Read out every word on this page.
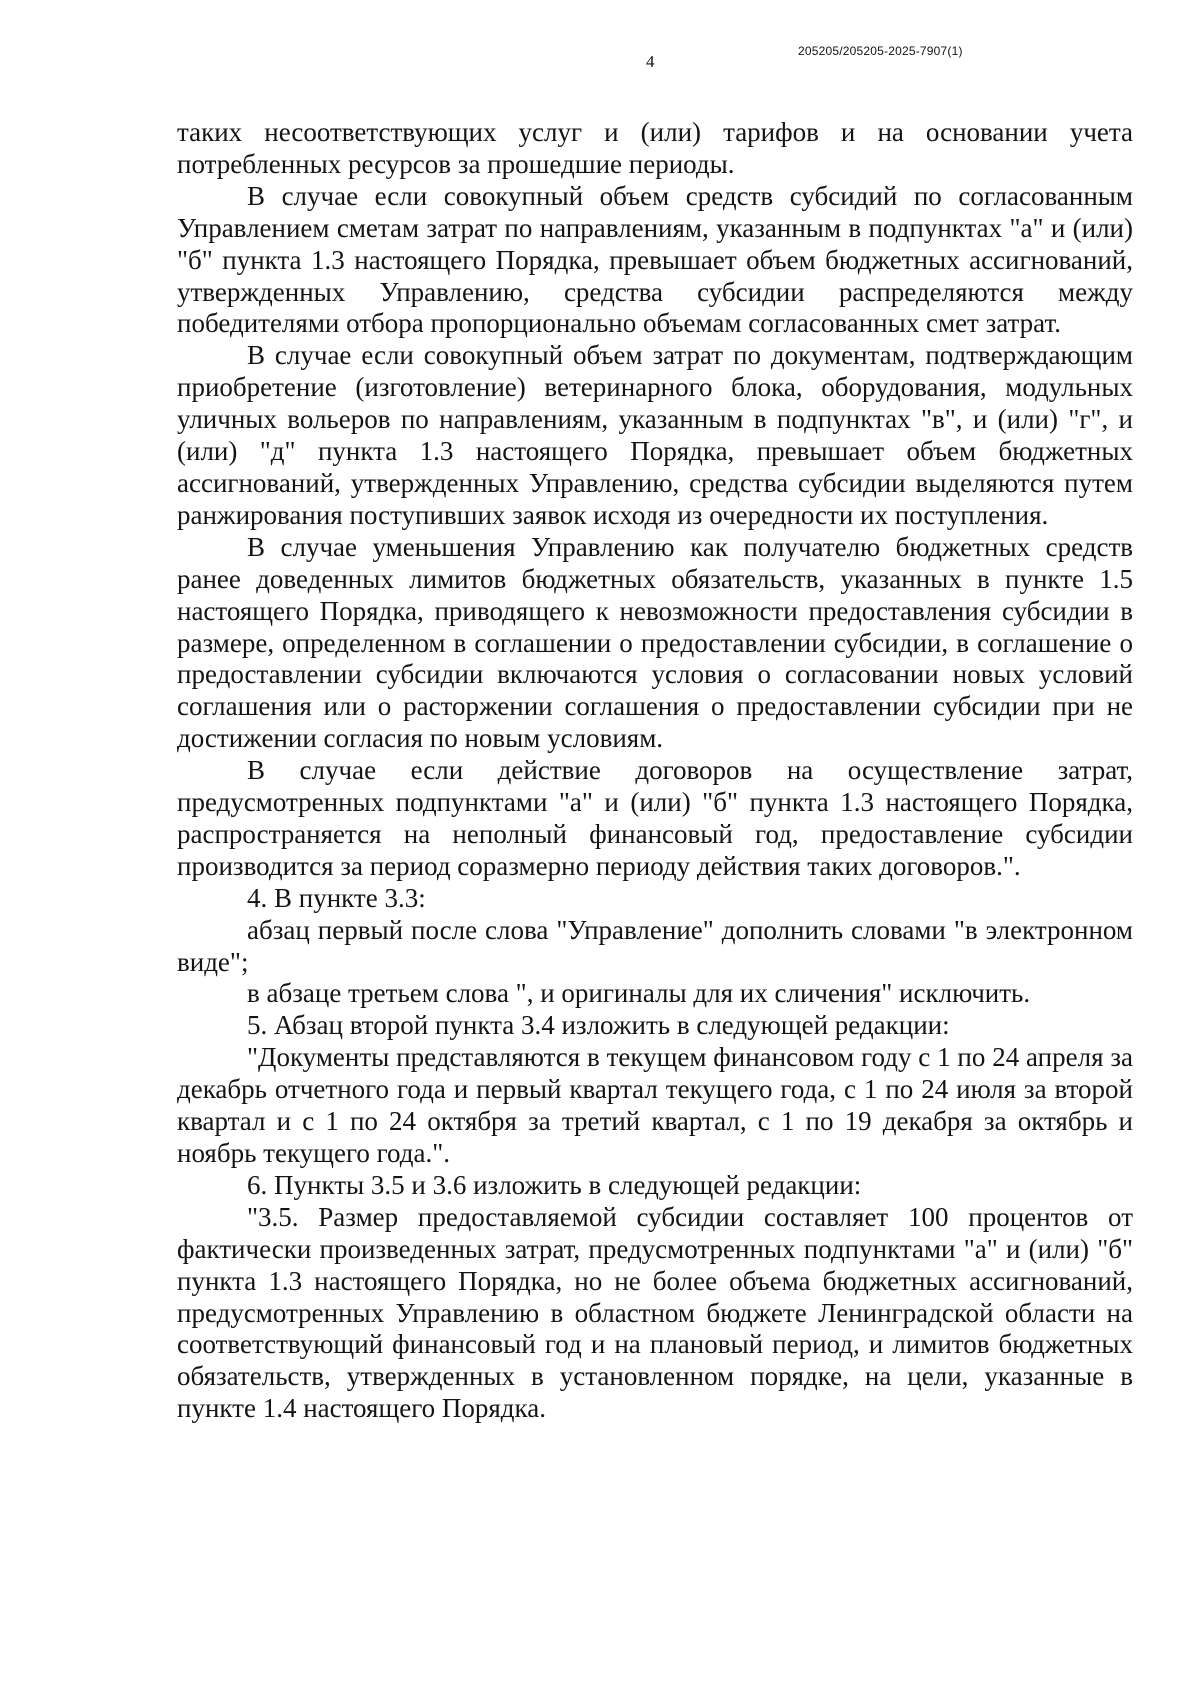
4
205205/205205-2025-7907(1)

таких несоответствующих услуг и (или) тарифов и на основании учета потребленных ресурсов за прошедшие периоды.

В случае если совокупный объем средств субсидий по согласованным Управлением сметам затрат по направлениям, указанным в подпунктах "а" и (или) "б" пункта 1.3 настоящего Порядка, превышает объем бюджетных ассигнований, утвержденных Управлению, средства субсидии распределяются между победителями отбора пропорционально объемам согласованных смет затрат.

В случае если совокупный объем затрат по документам, подтверждающим приобретение (изготовление) ветеринарного блока, оборудования, модульных уличных вольеров по направлениям, указанным в подпунктах "в", и (или) "г", и (или) "д" пункта 1.3 настоящего Порядка, превышает объем бюджетных ассигнований, утвержденных Управлению, средства субсидии выделяются путем ранжирования поступивших заявок исходя из очередности их поступления.

В случае уменьшения Управлению как получателю бюджетных средств ранее доведенных лимитов бюджетных обязательств, указанных в пункте 1.5 настоящего Порядка, приводящего к невозможности предоставления субсидии в размере, определенном в соглашении о предоставлении субсидии, в соглашение о предоставлении субсидии включаются условия о согласовании новых условий соглашения или о расторжении соглашения о предоставлении субсидии при не достижении согласия по новым условиям.

В случае если действие договоров на осуществление затрат, предусмотренных подпунктами "а" и (или) "б" пункта 1.3 настоящего Порядка, распространяется на неполный финансовый год, предоставление субсидии производится за период соразмерно периоду действия таких договоров.".

4. В пункте 3.3:

абзац первый после слова "Управление" дополнить словами "в электронном виде";

в абзаце третьем слова ", и оригиналы для их сличения" исключить.

5. Абзац второй пункта 3.4 изложить в следующей редакции:

"Документы представляются в текущем финансовом году с 1 по 24 апреля за декабрь отчетного года и первый квартал текущего года, с 1 по 24 июля за второй квартал и с 1 по 24 октября за третий квартал, с 1 по 19 декабря за октябрь и ноябрь текущего года.".

6. Пункты 3.5 и 3.6 изложить в следующей редакции:

"3.5. Размер предоставляемой субсидии составляет 100 процентов от фактически произведенных затрат, предусмотренных подпунктами "а" и (или) "б" пункта 1.3 настоящего Порядка, но не более объема бюджетных ассигнований, предусмотренных Управлению в областном бюджете Ленинградской области на соответствующий финансовый год и на плановый период, и лимитов бюджетных обязательств, утвержденных в установленном порядке, на цели, указанные в пункте 1.4 настоящего Порядка.
